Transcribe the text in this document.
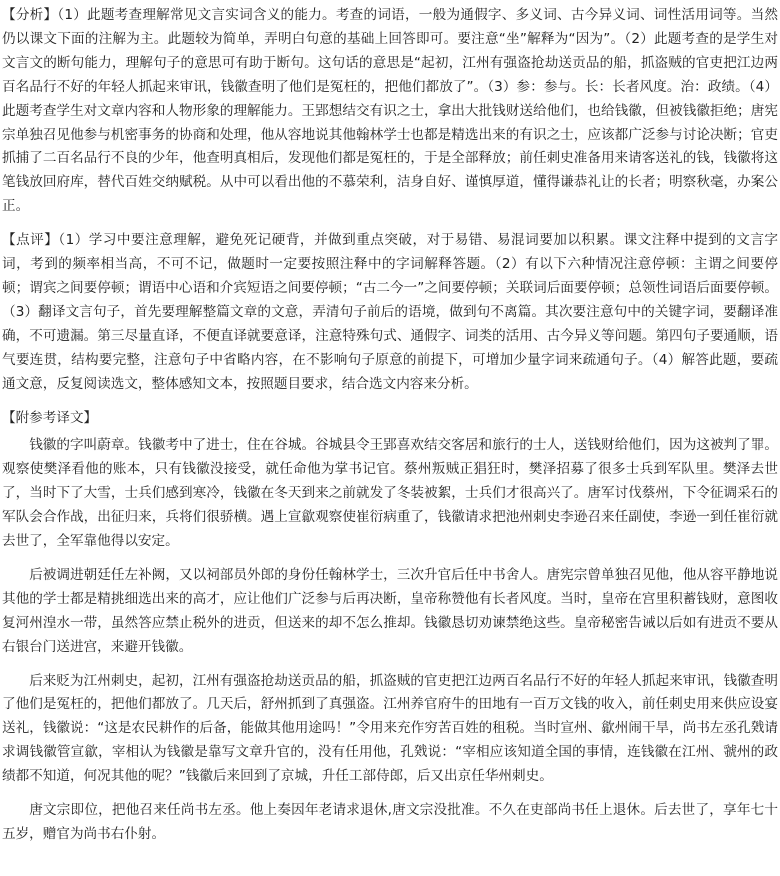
【分析】（1）此题考查理解常见文言实词含义的能力。考查的词语，一般为通假字、多义词、古今异义词、词性活用词等。当然仍以课文下面的注解为主。此题较为简单，弄明白句意的基础上回答即可。要注意“坐”解释为“因为”。（2）此题考查的是学生对文言文的断句能力，理解句子的意思可有助于断句。这句话的意思是“起初，江州有强盗抢劫送贡品的船，抓盗贼的官吏把江边两百名品行不好的年轻人抓起来审讯，钱徽查明了他们是冤枉的，把他们都放了”。（3）参：参与。长：长者风度。治：政绩。（4）此题考查学生对文章内容和人物形象的理解能力。王郢想结交有识之士，拿出大批钱财送给他们，也给钱徽，但被钱徽拒绝；唐宪宗单独召见他参与机密事务的协商和处理，他从容地说其他翰林学士也都是精选出来的有识之士，应该都广泛参与讨论决断；官吏抓捕了二百名品行不良的少年，他查明真相后，发现他们都是冤枉的，于是全部释放；前任刺史准备用来请客送礼的钱，钱徽将这笔钱放回府库，替代百姓交纳赋税。从中可以看出他的不慕荣利，洁身自好、谨慎厚道，懂得谦恭礼让的长者；明察秋毫，办案公正。

【点评】（1）学习中要注意理解，避免死记硬背，并做到重点突破，对于易错、易混词要加以积累。课文注释中提到的文言字词，考到的频率相当高，不可不记，做题时一定要按照注释中的字词解释答题。（2）有以下六种情况注意停顿：主谓之间要停顿；谓宾之间要停顿；谓语中心语和介宾短语之间要停顿；“古二今一”之间要停顿；关联词后面要停顿；总领性词语后面要停顿。（3）翻译文言句子，首先要理解整篇文章的文意，弄清句子前后的语境，做到句不离篇。其次要注意句中的关键字词，要翻译准确，不可遗漏。第三尽量直译，不便直译就要意译，注意特殊句式、通假字、词类的活用、古今异义等问题。第四句子要通顺，语气要连贯，结构要完整，注意句子中省略内容，在不影响句子原意的前提下，可增加少量字词来疏通句子。（4）解答此题，要疏通文意，反复阅读选文，整体感知文本，按照题目要求，结合选文内容来分析。

【附参考译文】

钱徽的字叫蔚章。钱徽考中了进士，住在谷城。谷城县令王郢喜欢结交客居和旅行的士人，送钱财给他们，因为这被判了罪。观察使樊泽看他的账本，只有钱徽没接受，就任命他为掌书记官。蔡州叛贼正猖狂时，樊泽招募了很多士兵到军队里。樊泽去世了，当时下了大雪，士兵们感到寒冷，钱徽在冬天到来之前就发了冬装被絮，士兵们才很高兴了。唐军讨伐蔡州，下令征调采石的军队会合作战，出征归来，兵将们很骄横。遇上宣歙观察使崔衍病重了，钱徽请求把池州刺史李逊召来任副使，李逊一到任崔衍就去世了，全军靠他得以安定。

后被调进朝廷任左补阙，又以祠部员外郎的身份任翰林学士，三次升官后任中书舍人。唐宪宗曾单独召见他，他从容平静地说其他的学士都是精挑细选出来的高才，应让他们广泛参与后再决断，皇帝称赞他有长者风度。当时，皇帝在宫里积蓄钱财，意图收复河州湟水一带，虽然答应禁止税外的进贡，但送来的却不怎么推却。钱徽恳切劝谏禁绝这些。皇帝秘密告诫以后如有进贡不要从右银台门送进宫，来避开钱徽。

后来贬为江州刺史，起初，江州有强盗抢劫送贡品的船，抓盗贼的官吏把江边两百名品行不好的年轻人抓起来审讯，钱徽查明了他们是冤枉的，把他们都放了。几天后，舒州抓到了真强盗。江州养官府牛的田地有一百万文钱的收入，前任刺史用来供应设宴送礼，钱徽说：“这是农民耕作的后备，能做其他用途吗！”令用来充作穷苦百姓的租税。当时宣州、歙州闹干旱，尚书左丞孔戣请求调钱徽管宣歙，宰相认为钱徽是靠写文章升官的，没有任用他，孔戣说：“宰相应该知道全国的事情，连钱徽在江州、虢州的政绩都不知道，何况其他的呢？”钱徽后来回到了京城，升任工部侍郎，后又出京任华州刺史。

唐文宗即位，把他召来任尚书左丞。他上奏因年老请求退休,唐文宗没批准。不久在吏部尚书任上退休。后去世了，享年七十五岁，赠官为尚书右仆射。
